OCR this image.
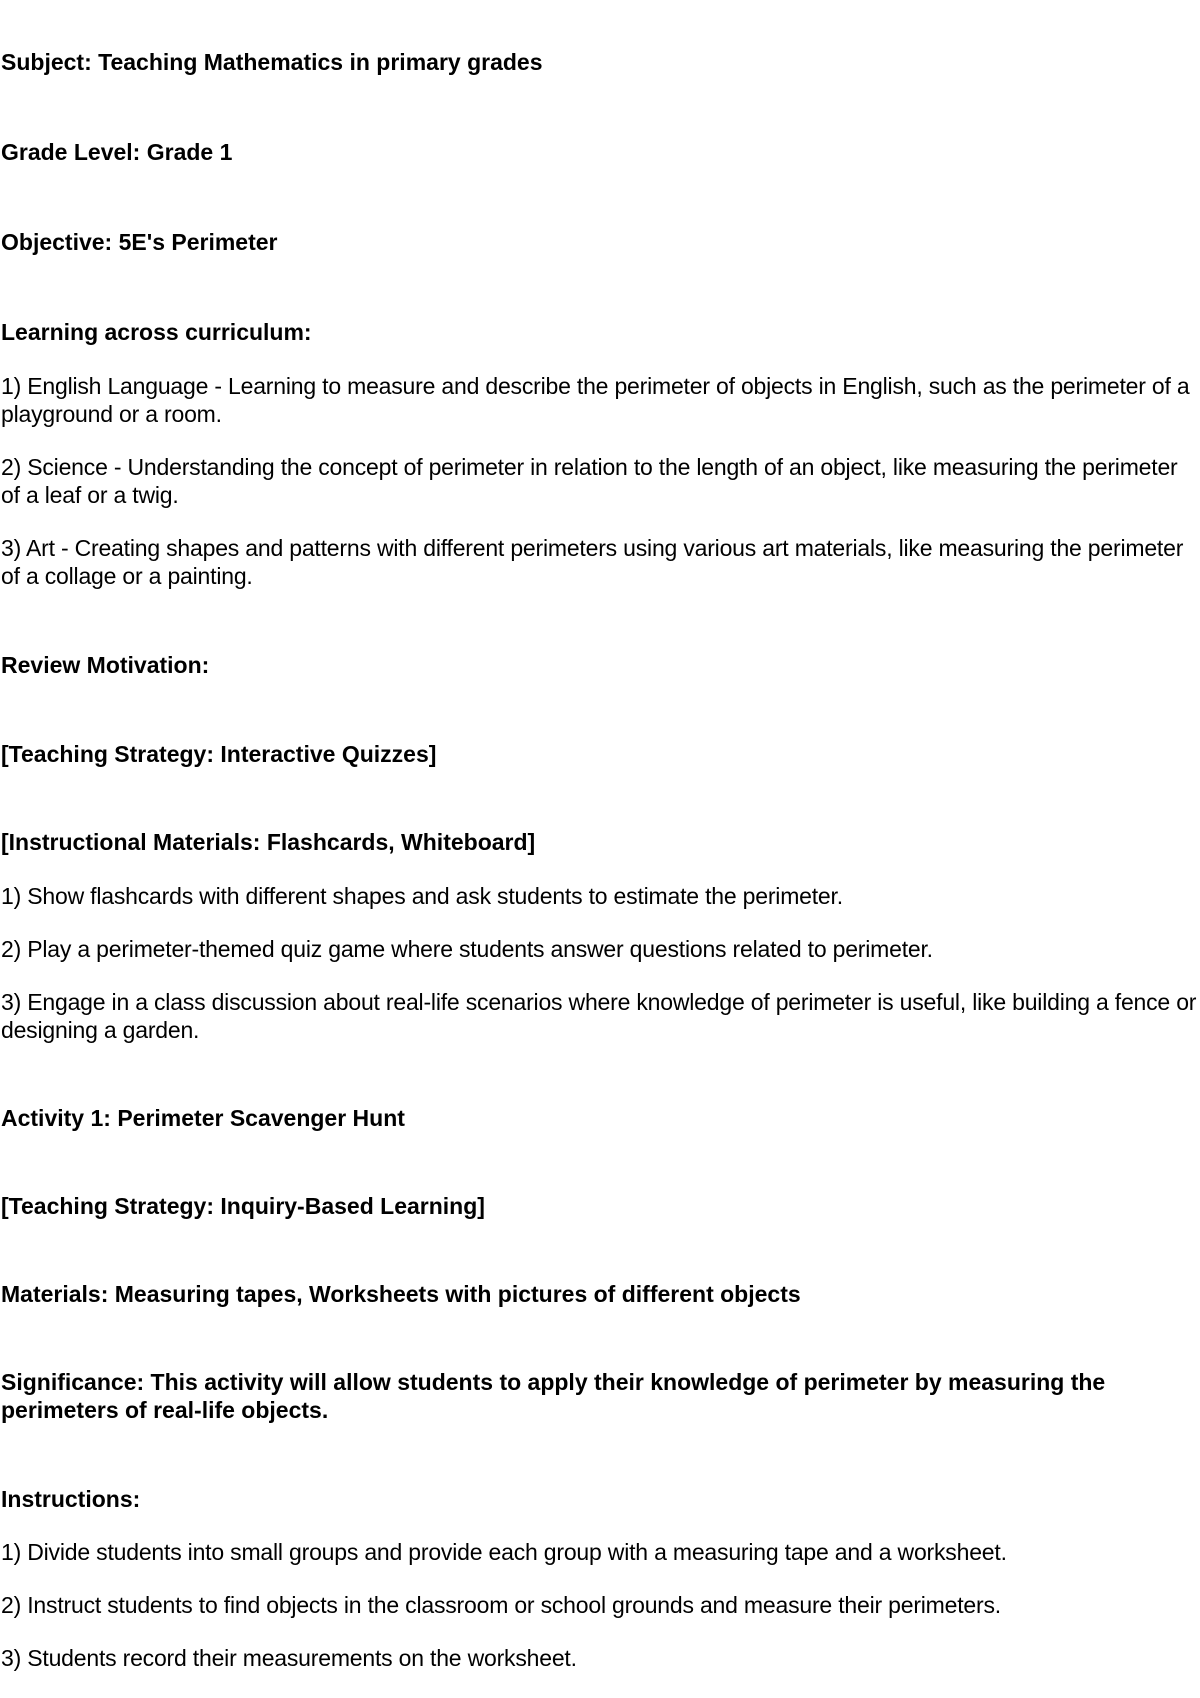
Subject: Teaching Mathematics in primary grades
Grade Level: Grade 1
Objective: 5E's Perimeter
Learning across curriculum:
1) English Language - Learning to measure and describe the perimeter of objects in English, such as the perimeter of a playground or a room.
2) Science - Understanding the concept of perimeter in relation to the length of an object, like measuring the perimeter of a leaf or a twig.
3) Art - Creating shapes and patterns with different perimeters using various art materials, like measuring the perimeter of a collage or a painting.
Review Motivation:
[Teaching Strategy: Interactive Quizzes]
[Instructional Materials: Flashcards, Whiteboard]
1) Show flashcards with different shapes and ask students to estimate the perimeter.
2) Play a perimeter-themed quiz game where students answer questions related to perimeter.
3) Engage in a class discussion about real-life scenarios where knowledge of perimeter is useful, like building a fence or designing a garden.
Activity 1: Perimeter Scavenger Hunt
[Teaching Strategy: Inquiry-Based Learning]
Materials: Measuring tapes, Worksheets with pictures of different objects
Significance: This activity will allow students to apply their knowledge of perimeter by measuring the perimeters of real-life objects.
Instructions:
1) Divide students into small groups and provide each group with a measuring tape and a worksheet.
2) Instruct students to find objects in the classroom or school grounds and measure their perimeters.
3) Students record their measurements on the worksheet.
